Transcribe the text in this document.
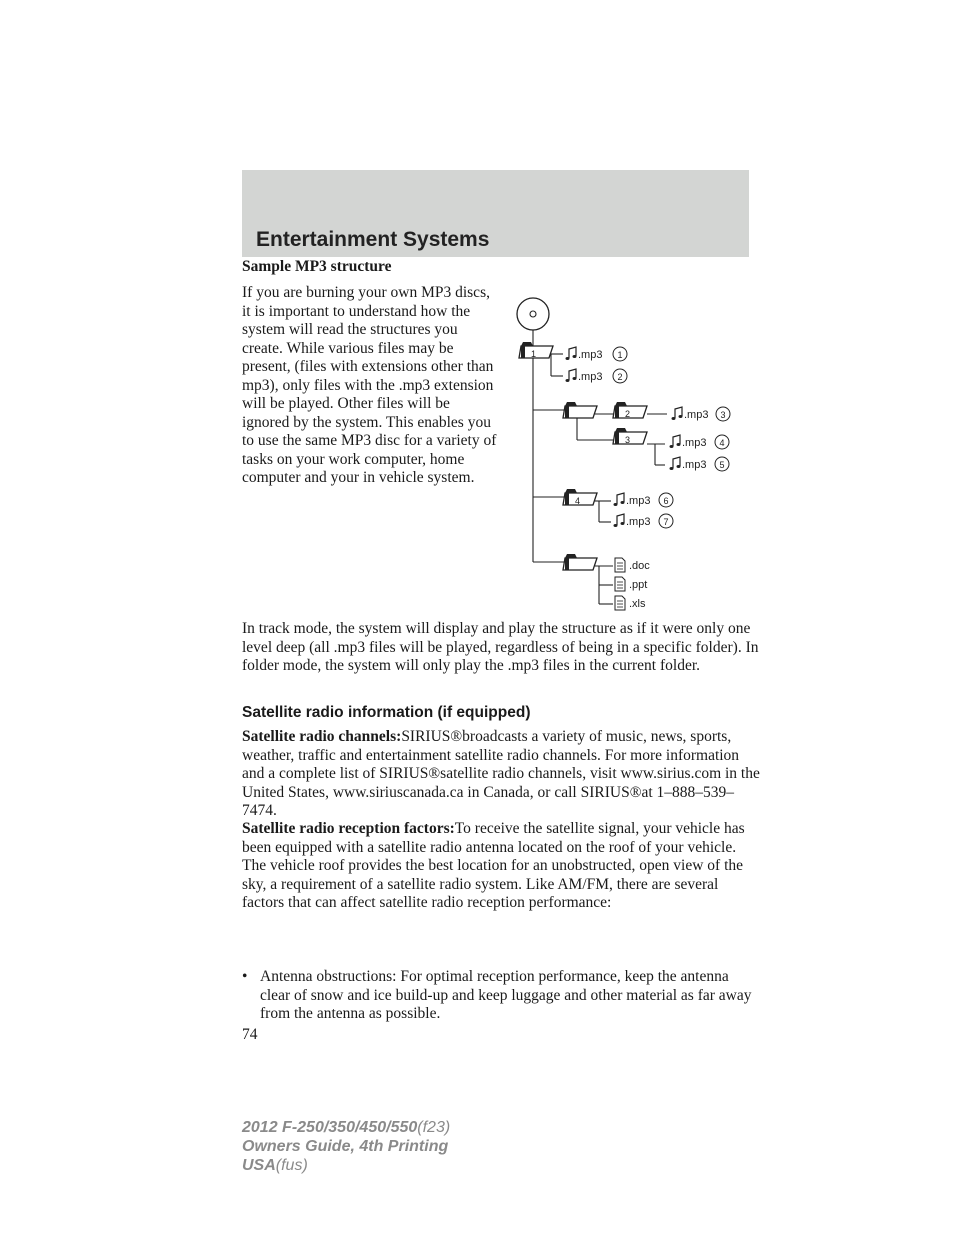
Entertainment Systems
Sample MP3 structure

If you are burning your own MP3 discs, it is important to understand how the system will read the structures you create. While various files may be present, (files with extensions other than mp3), only files with the .mp3 extension will be played. Other files will be ignored by the system. This enables you to use the same MP3 disc for a variety of tasks on your work computer, home computer and your in vehicle system.

1
2
3
4
.mp3 1
.mp3 2
.mp3 3
.mp3 4
.mp3 5
.mp3 6
.mp3 7
.doc
.ppt
.xls

In track mode, the system will display and play the structure as if it were only one level deep (all .mp3 files will be played, regardless of being in a specific folder). In folder mode, the system will only play the .mp3 files in the current folder.

Satellite radio information (if equipped)

Satellite radio channels:SIRIUS®broadcasts a variety of music, news, sports, weather, traffic and entertainment satellite radio channels. For more information and a complete list of SIRIUS®satellite radio channels, visit www.sirius.com in the United States, www.siriuscanada.ca in Canada, or call SIRIUS®at 1–888–539–7474.

Satellite radio reception factors:To receive the satellite signal, your vehicle has been equipped with a satellite radio antenna located on the roof of your vehicle. The vehicle roof provides the best location for an unobstructed, open view of the sky, a requirement of a satellite radio system. Like AM/FM, there are several factors that can affect satellite radio reception performance:

• Antenna obstructions: For optimal reception performance, keep the antenna clear of snow and ice build-up and keep luggage and other material as far away from the antenna as possible.
74
2012 F-250/350/450/550(f23)
Owners Guide, 4th Printing
USA(fus)
